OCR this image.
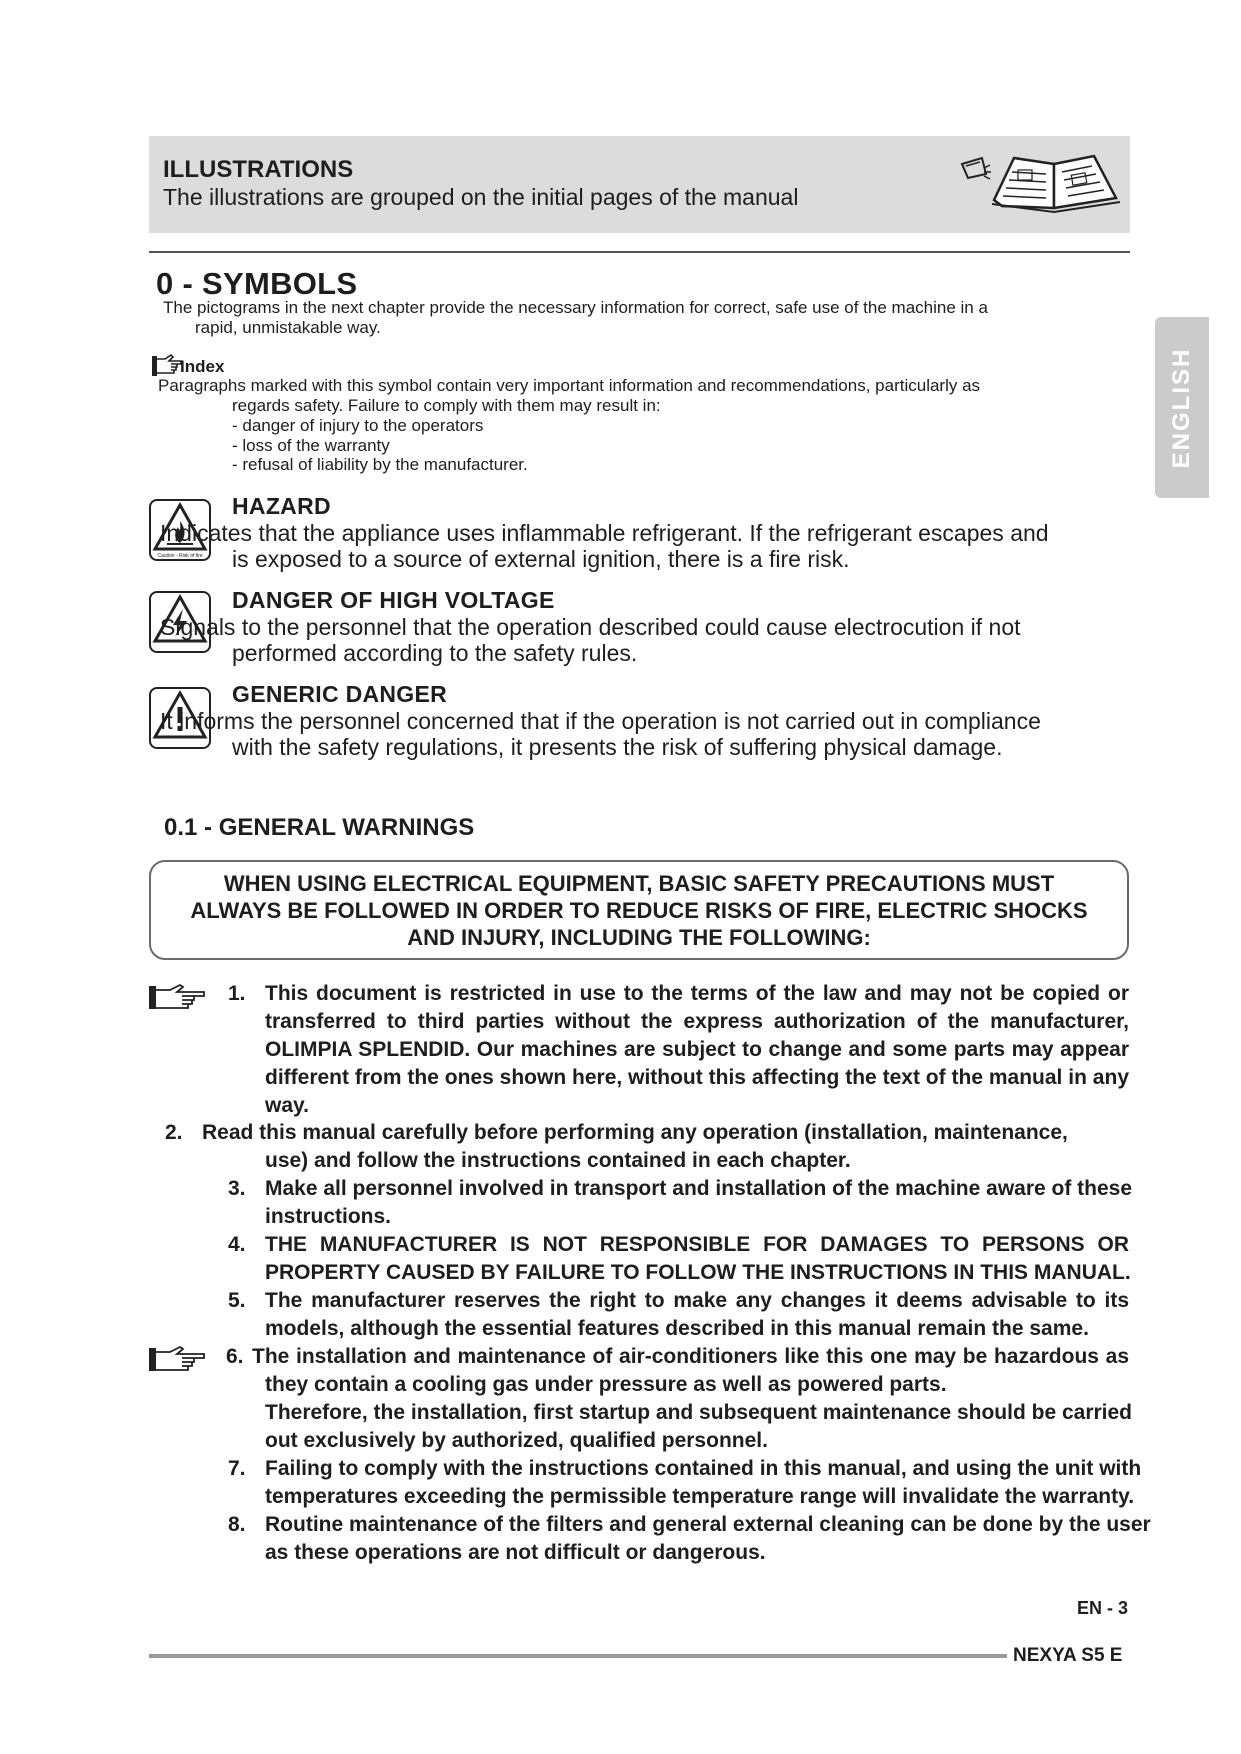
ILLUSTRATIONS
The illustrations are grouped on the initial pages of the manual
0 - SYMBOLS
The pictograms in the next chapter provide the necessary information for correct, safe use of the machine in a
rapid, unmistakable way.
Index
Paragraphs marked with this symbol contain very important information and recommendations, particularly as
regards safety. Failure to comply with them may result in:
- danger of injury to the operators
- loss of the warranty
- refusal of liability by the manufacturer.
Caution - Risk of fire
HAZARD
Indicates that the appliance uses inflammable refrigerant. If the refrigerant escapes and
is exposed to a source of external ignition, there is a fire risk.
DANGER OF HIGH VOLTAGE
Signals to the personnel that the operation described could cause electrocution if not
performed according to the safety rules.
GENERIC DANGER
It informs the personnel concerned that if the operation is not carried out in compliance
with the safety regulations, it presents the risk of suffering physical damage.
0.1 - GENERAL WARNINGS
WHEN USING ELECTRICAL EQUIPMENT, BASIC SAFETY PRECAUTIONS MUST
ALWAYS BE FOLLOWED IN ORDER TO REDUCE RISKS OF FIRE, ELECTRIC SHOCKS
AND INJURY, INCLUDING THE FOLLOWING:
1. This document is restricted in use to the terms of the law and may not be copied or
transferred to third parties without the express authorization of the manufacturer,
OLIMPIA SPLENDID. Our machines are subject to change and some parts may appear
different from the ones shown here, without this affecting the text of the manual in any
way.
2. Read this manual carefully before performing any operation (installation, maintenance,
use) and follow the instructions contained in each chapter.
3. Make all personnel involved in transport and installation of the machine aware of these
instructions.
4. THE MANUFACTURER IS NOT RESPONSIBLE FOR DAMAGES TO PERSONS OR
PROPERTY CAUSED BY FAILURE TO FOLLOW THE INSTRUCTIONS IN THIS MANUAL.
5. The manufacturer reserves the right to make any changes it deems advisable to its
models, although the essential features described in this manual remain the same.
6. The installation and maintenance of air-conditioners like this one may be hazardous as
they contain a cooling gas under pressure as well as powered parts.
Therefore, the installation, first startup and subsequent maintenance should be carried
out exclusively by authorized, qualified personnel.
7. Failing to comply with the instructions contained in this manual, and using the unit with
temperatures exceeding the permissible temperature range will invalidate the warranty.
8. Routine maintenance of the filters and general external cleaning can be done by the user
as these operations are not difficult or dangerous.
ENGLISH
EN - 3
NEXYA S5 E
